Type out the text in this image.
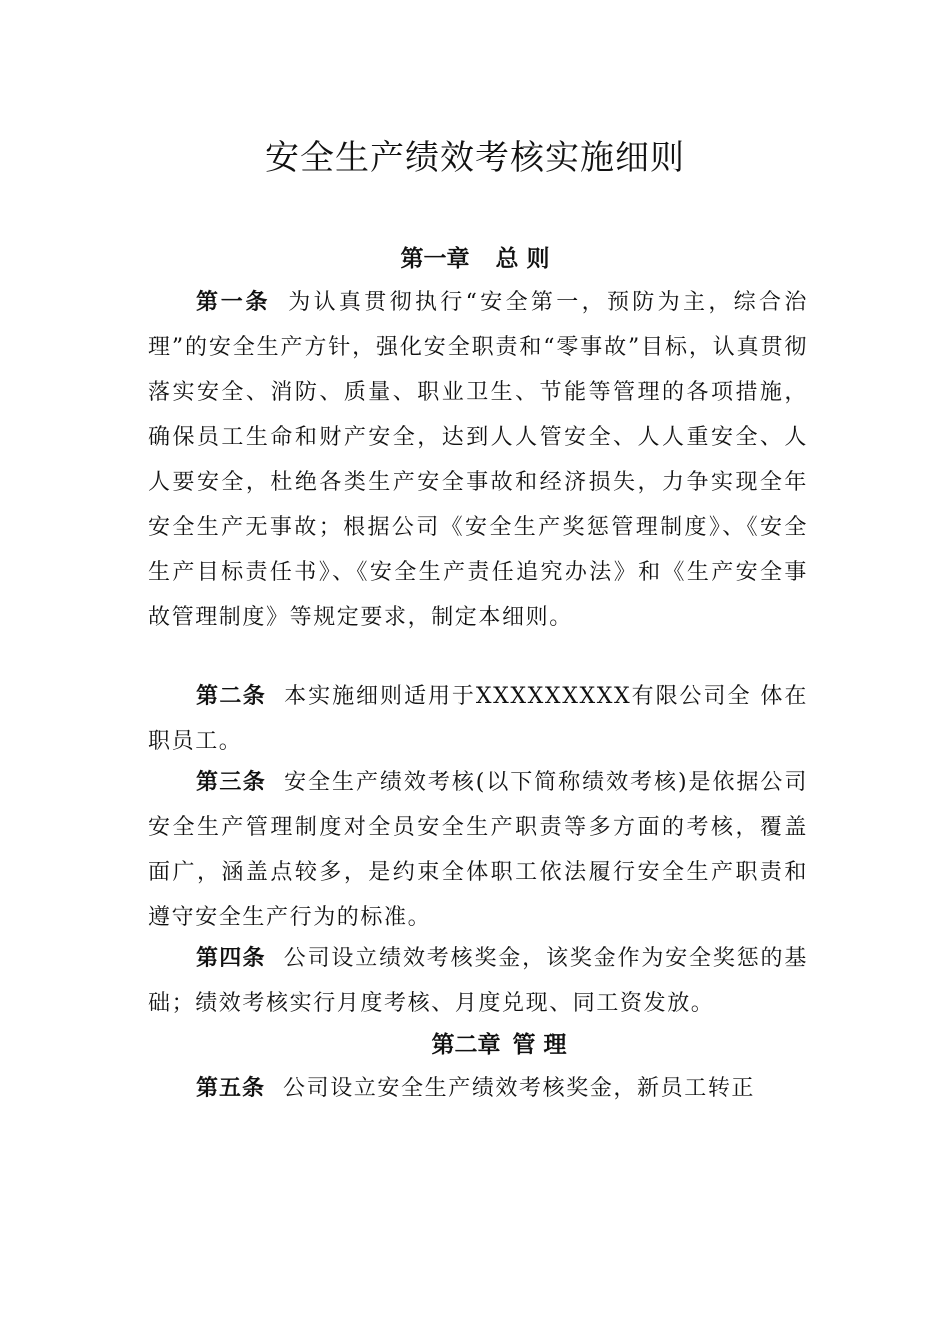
安全生产绩效考核实施细则
第一章 总 则

第一条 为认真贯彻执行“安全第一，预防为主，综合治理”的安全生产方针，强化安全职责和“零事故”目标，认真贯彻落实安全、消防、质量、职业卫生、节能等管理的各项措施，确保员工生命和财产安全，达到人人管安全、人人重安全、人人要安全，杜绝各类生产安全事故和经济损失，力争实现全年安全生产无事故；根据公司《安全生产奖惩管理制度》、《安全生产目标责任书》、《安全生产责任追究办法》和《生产安全事故管理制度》等规定要求，制定本细则。

第二条 本实施细则适用于XXXXXXXXX有限公司全 体在职员工。

第三条 安全生产绩效考核(以下简称绩效考核)是依据公司安全生产管理制度对全员安全生产职责等多方面的考核，覆盖面广，涵盖点较多，是约束全体职工依法履行安全生产职责和遵守安全生产行为的标准。

第四条 公司设立绩效考核奖金，该奖金作为安全奖惩的基础；绩效考核实行月度考核、月度兑现、同工资发放。

第二章 管 理

第五条 公司设立安全生产绩效考核奖金，新员工转正
